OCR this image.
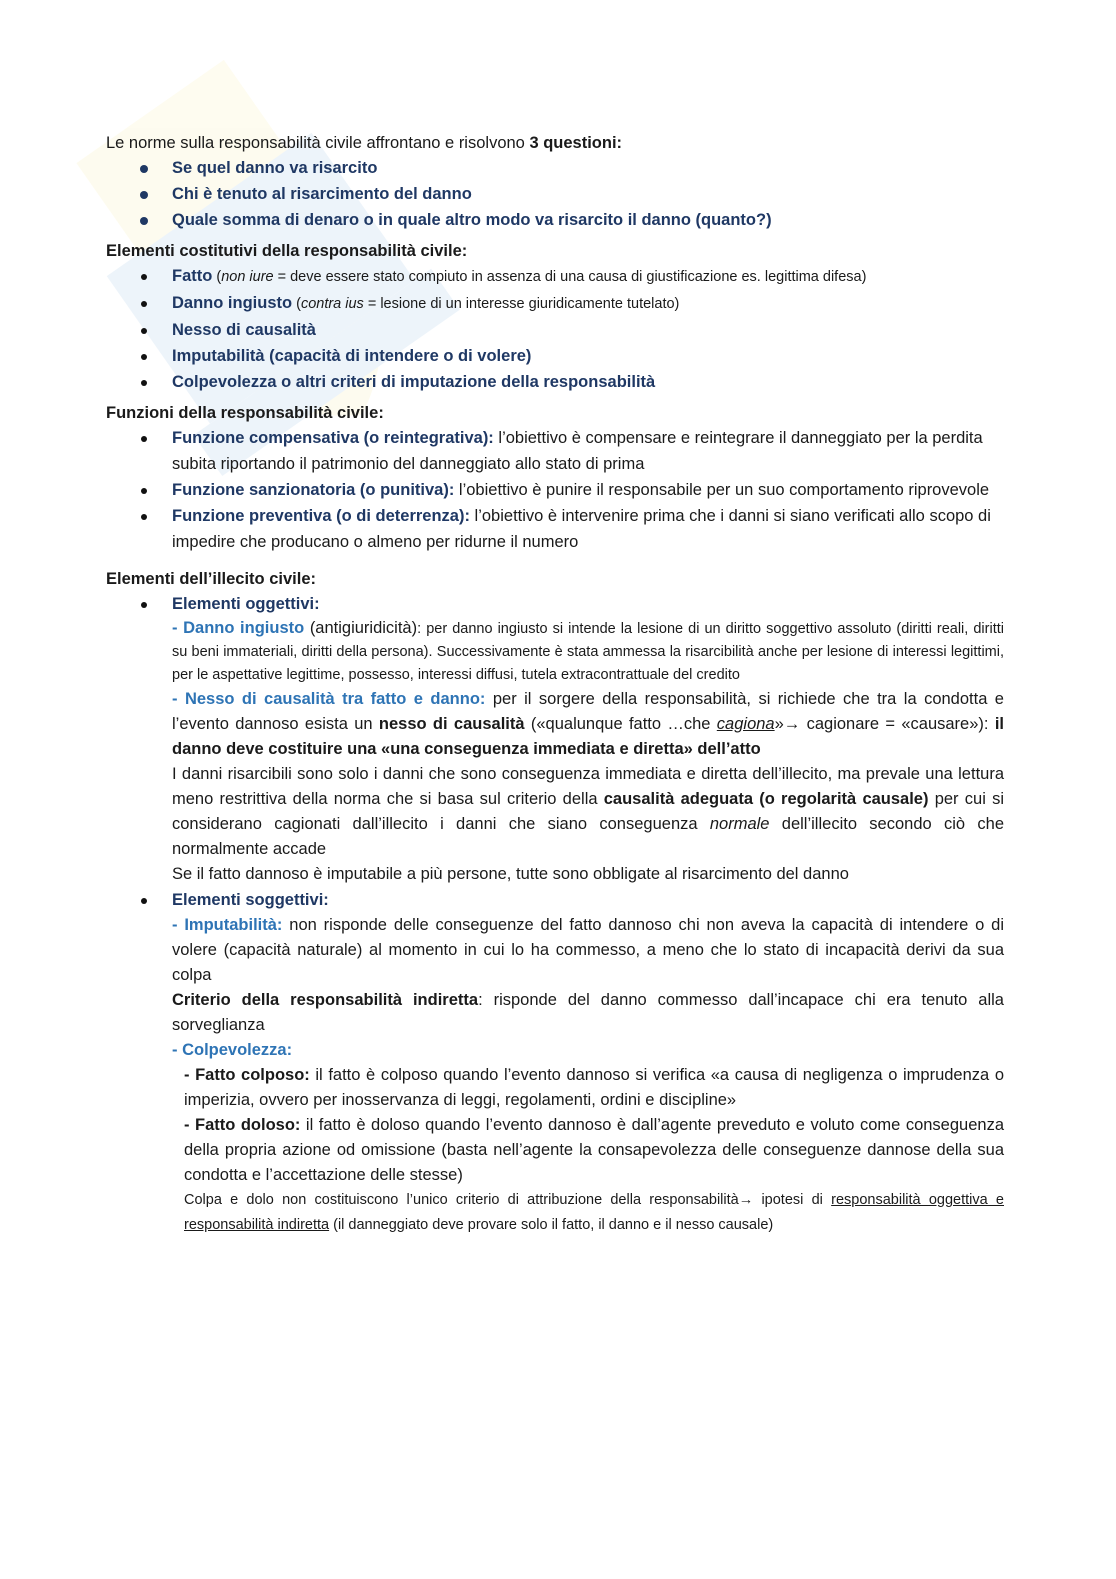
Le norme sulla responsabilità civile affrontano e risolvono 3 questioni:

Se quel danno va risarcito
Chi è tenuto al risarcimento del danno
Quale somma di denaro o in quale altro modo va risarcito il danno (quanto?)

Elementi costitutivi della responsabilità civile:

Fatto (non iure = deve essere stato compiuto in assenza di una causa di giustificazione es. legittima difesa)
Danno ingiusto (contra ius = lesione di un interesse giuridicamente tutelato)
Nesso di causalità
Imputabilità (capacità di intendere o di volere)
Colpevolezza o altri criteri di imputazione della responsabilità

Funzioni della responsabilità civile:

Funzione compensativa (o reintegrativa): l’obiettivo è compensare e reintegrare il danneggiato per la perdita subita riportando il patrimonio del danneggiato allo stato di prima
Funzione sanzionatoria (o punitiva): l’obiettivo è punire il responsabile per un suo comportamento riprovevole
Funzione preventiva (o di deterrenza): l’obiettivo è intervenire prima che i danni si siano verificati allo scopo di impedire che producano o almeno per ridurne il numero

Elementi dell’illecito civile:

Elementi oggettivi:

- Danno ingiusto (antigiuridicità): per danno ingiusto si intende la lesione di un diritto soggettivo assoluto (diritti reali, diritti su beni immateriali, diritti della persona). Successivamente è stata ammessa la risarcibilità anche per lesione di interessi legittimi, per le aspettative legittime, possesso, interessi diffusi, tutela extracontrattuale del credito

- Nesso di causalità tra fatto e danno: per il sorgere della responsabilità, si richiede che tra la condotta e l’evento dannoso esista un nesso di causalità («qualunque fatto …che cagiona»→ cagionare = «causare»): il danno deve costituire una «una conseguenza immediata e diretta» dell’atto

I danni risarcibili sono solo i danni che sono conseguenza immediata e diretta dell’illecito, ma prevale una lettura meno restrittiva della norma che si basa sul criterio della causalità adeguata (o regolarità causale) per cui si considerano cagionati dall’illecito i danni che siano conseguenza normale dell’illecito secondo ciò che normalmente accade

Se il fatto dannoso è imputabile a più persone, tutte sono obbligate al risarcimento del danno

Elementi soggettivi:

- Imputabilità: non risponde delle conseguenze del fatto dannoso chi non aveva la capacità di intendere o di volere (capacità naturale) al momento in cui lo ha commesso, a meno che lo stato di incapacità derivi da sua colpa

Criterio della responsabilità indiretta: risponde del danno commesso dall’incapace chi era tenuto alla sorveglianza

- Colpevolezza:

- Fatto colposo: il fatto è colposo quando l’evento dannoso si verifica «a causa di negligenza o imprudenza o imperizia, ovvero per inosservanza di leggi, regolamenti, ordini e discipline»

- Fatto doloso: il fatto è doloso quando l’evento dannoso è dall’agente preveduto e voluto come conseguenza della propria azione od omissione (basta nell’agente la consapevolezza delle conseguenze dannose della sua condotta e l’accettazione delle stesse)

Colpa e dolo non costituiscono l’unico criterio di attribuzione della responsabilità→ ipotesi di responsabilità oggettiva e responsabilità indiretta (il danneggiato deve provare solo il fatto, il danno e il nesso causale)
